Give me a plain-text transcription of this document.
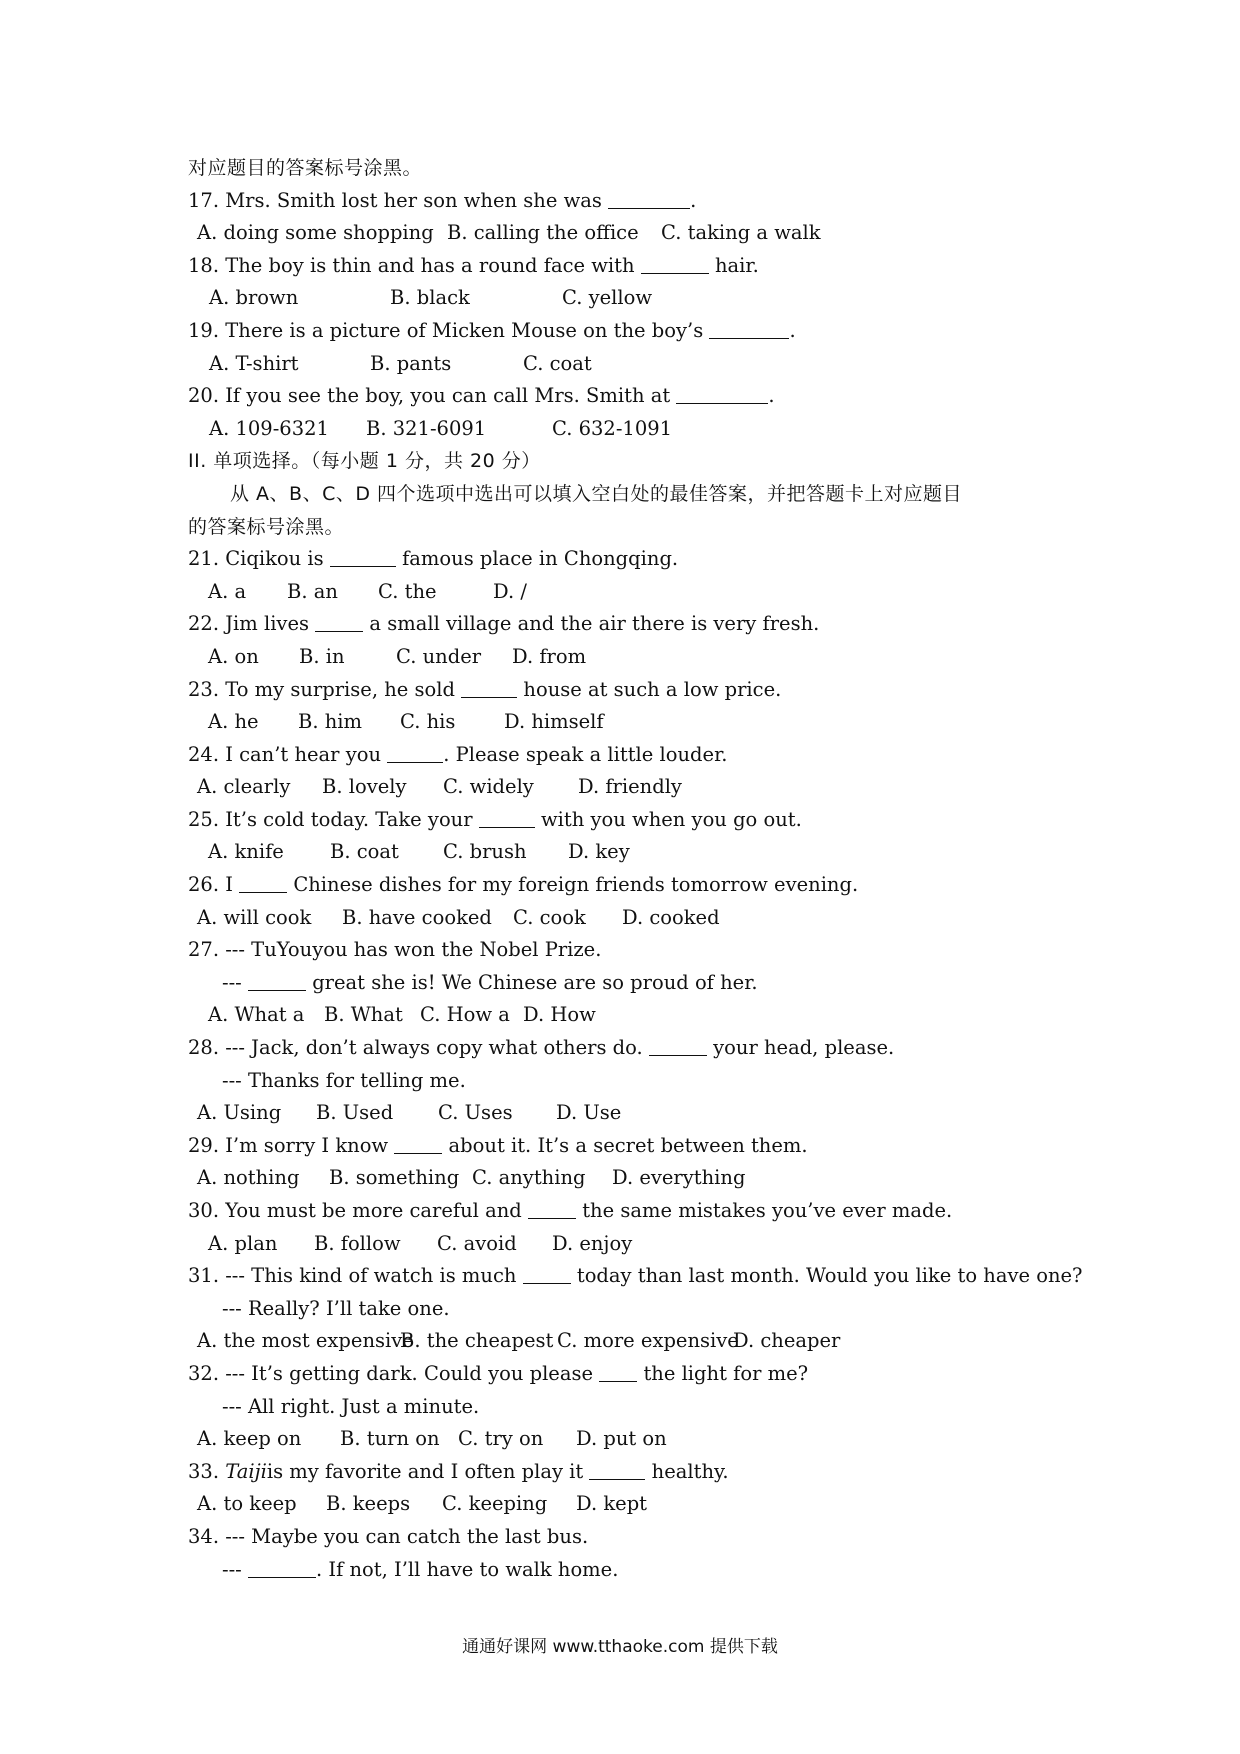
对应题目的答案标号涂黑。
17. Mrs. Smith lost her son when she was	.
A. doing some shopping B. calling the office C. taking a walk
18. The boy is thin and has a round face with	hair.
A. brown	B. black	C. yellow
19. There is a picture of Micken Mouse on the boy’s	.
A. T-shirt	B. pants	C. coat
20. If you see the boy, you can call Mrs. Smith at	.
A. 109-6321 B. 321-6091	C. 632-1091
II. 单项选择。（每小题 1 分，共 20 分）
从 A、B、C、D 四个选项中选出可以填入空白处的最佳答案，并把答题卡上对应题目
的答案标号涂黑。
21. Ciqikou is	famous place in Chongqing.
A. a B. an C. the	D. /
22. Jim lives	a small village and the air there is very fresh.
A. on B. in	C. under D. from
23. To my surprise, he sold	house at such a low price.
A. he B. him C. his D. himself
24. I can’t hear you	. Please speak a little louder.
A. clearly B. lovely C. widely D. friendly
25. It’s cold today. Take your	with you when you go out.
A. knife B. coat C. brush D. key
26. I	Chinese dishes for my foreign friends tomorrow evening.
A. will cook B. have cooked C. cook D. cooked
27. --- TuYouyou has won the Nobel Prize.
---	great she is! We Chinese are so proud of her.
A. What a B. What C. How a D. How
28. --- Jack, don’t always copy what others do.	your head, please.
--- Thanks for telling me.
A. Using B. Used C. Uses D. Use
29. I’m sorry I know	about it. It’s a secret between them.
A. nothing B. something C. anything D. everything
30. You must be more careful and	the same mistakes you’ve ever made.
A. plan B. follow C. avoid D. enjoy
31. --- This kind of watch is much	today than last month. Would you like to have one?
--- Really? I’ll take one.
A. the most expensive
B. the cheapest C. more expensive
D. cheaper
32. --- It’s getting dark. Could you please	the light for me?
--- All right. Just a minute.
A. keep on B. turn on C. try on D. put on
33. Taijiis my favorite and I often play it	healthy.
A. to keep B. keeps C. keeping D. kept
34. --- Maybe you can catch the last bus.
---	. If not, I’ll have to walk home.
通通好课网 www.tthaoke.com 提供下载
